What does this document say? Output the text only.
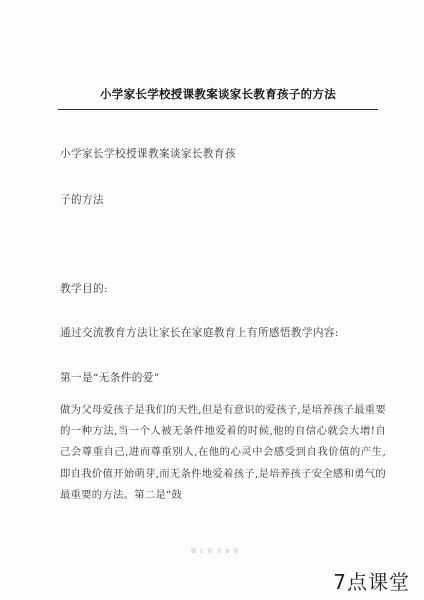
小学家长学校授课教案谈家长教育孩子的方法
小学家长学校授课教案谈家长教育孩
子的方法
教学目的:
通过交流教育方法让家长在家庭教育上有所感悟教学内容:
第一是“无条件的爱”
做为父母爱孩子是我们的天性,但是有意识的爱孩子,是培养孩子最重要的一种方法,当一个人被无条件地爱着的时候,他的自信心就会大增!自己会尊重自己,进而尊重别人,在他的心灵中会感受到自我价值的产生,即自我价值开始萌芽,而无条件地爱着孩子,是培养孩子安全感和勇气的最重要的方法。第二是“鼓
第 1 页 共 8 页
7点课堂
